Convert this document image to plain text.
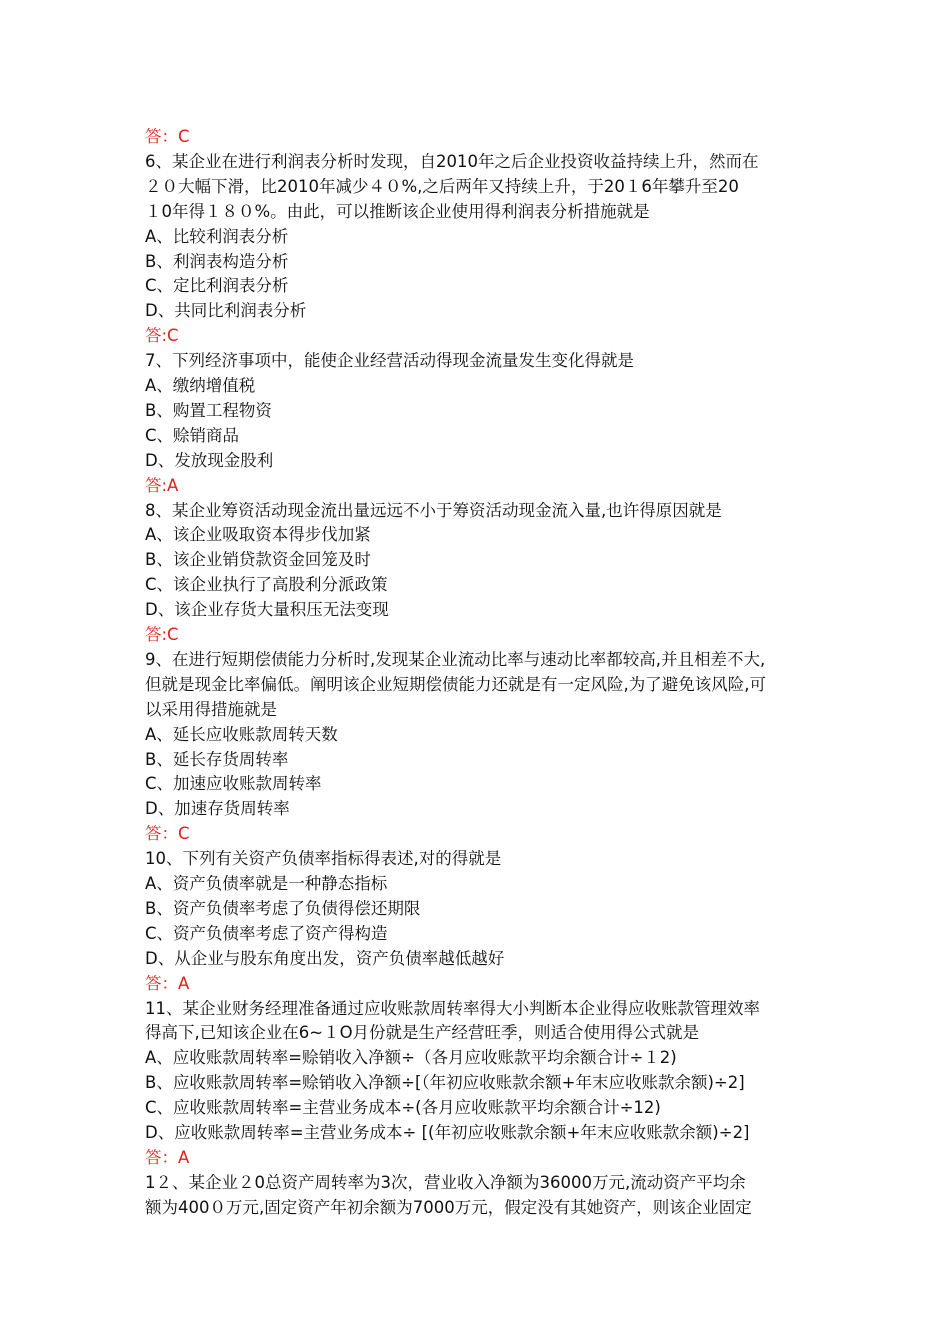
答：C
6、某企业在进行利润表分析时发现，自2010年之后企业投资收益持续上升，然而在
２０大幅下滑，比2010年减少４０%,之后两年又持续上升，于20１6年攀升至20
１0年得１８０%。由此，可以推断该企业使用得利润表分析措施就是
A、比较利润表分析
B、利润表构造分析
C、定比利润表分析
D、共同比利润表分析
答:C
7、下列经济事项中，能使企业经营活动得现金流量发生变化得就是
A、缴纳增值税
B、购置工程物资
C、赊销商品
D、发放现金股利
答:A
8、某企业筹资活动现金流出量远远不小于筹资活动现金流入量,也许得原因就是
A、该企业吸取资本得步伐加紧
B、该企业销贷款资金回笼及时
C、该企业执行了高股利分派政策
D、该企业存货大量积压无法变现
答:C
9、在进行短期偿债能力分析时,发现某企业流动比率与速动比率都较高,并且相差不大,
但就是现金比率偏低。阐明该企业短期偿债能力还就是有一定风险,为了避免该风险,可
以采用得措施就是
A、延长应收账款周转天数
B、延长存货周转率
C、加速应收账款周转率
D、加速存货周转率
答：C
10、下列有关资产负债率指标得表述,对的得就是
A、资产负债率就是一种静态指标
B、资产负债率考虑了负债得偿还期限
C、资产负债率考虑了资产得构造
D、从企业与股东角度出发，资产负债率越低越好
答：A
11、某企业财务经理准备通过应收账款周转率得大小判断本企业得应收账款管理效率
得高下,已知该企业在6~１O月份就是生产经营旺季，则适合使用得公式就是
A、应收账款周转率=赊销收入净额÷（各月应收账款平均余额合计÷１2)
B、应收账款周转率=赊销收入净额÷[（年初应收账款余额+年末应收账款余额)÷2]
C、应收账款周转率=主营业务成本÷(各月应收账款平均余额合计÷12)
D、应收账款周转率=主营业务成本÷ [(年初应收账款余额+年末应收账款余额)÷2]
答：A
1２、某企业２0总资产周转率为3次，营业收入净额为36000万元,流动资产平均余
额为400０万元,固定资产年初余额为7000万元，假定没有其她资产，则该企业固定
